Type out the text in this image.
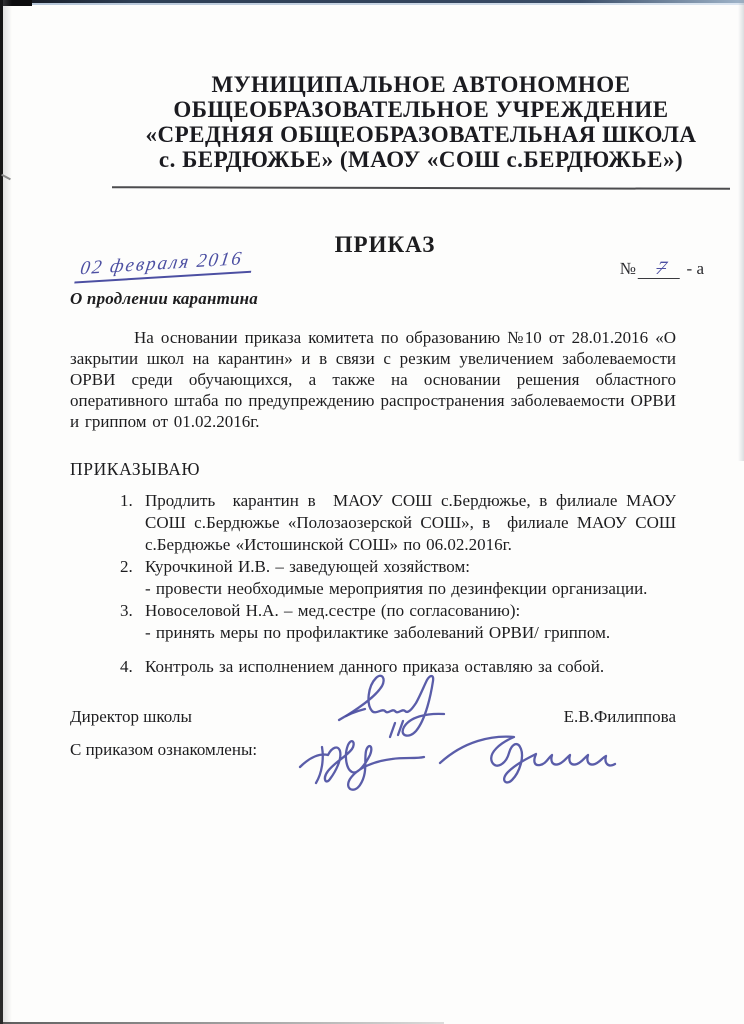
МУНИЦИПАЛЬНОЕ АВТОНОМНОЕ
ОБЩЕОБРАЗОВАТЕЛЬНОЕ УЧРЕЖДЕНИЕ
«СРЕДНЯЯ ОБЩЕОБРАЗОВАТЕЛЬНАЯ ШКОЛА
с. БЕРДЮЖЬЕ» (МАОУ «СОШ с.БЕРДЮЖЬЕ»)
ПРИКАЗ
02 февраля 2016	№ 7 - а
О продлении карантина

На основании приказа комитета по образованию №10 от 28.01.2016 «О закрытии школ на карантин» и в связи с резким увеличением заболеваемости ОРВИ среди обучающихся, а также на основании решения областного оперативного штаба по предупреждению распространения заболеваемости ОРВИ и гриппом от 01.02.2016г.

ПРИКАЗЫВАЮ
1. Продлить  карантин в  МАОУ СОШ с.Бердюжье, в филиале МАОУ СОШ с.Бердюжье «Полозаозерской СОШ», в  филиале МАОУ СОШ с.Бердюжье «Истошинской СОШ» по 06.02.2016г.
2. Курочкиной И.В. – заведующей хозяйством:
- провести необходимые мероприятия по дезинфекции организации.
3. Новоселовой Н.А. – мед.сестре (по согласованию):
- принять меры по профилактике заболеваний ОРВИ/ гриппом.
4. Контроль за исполнением данного приказа оставляю за собой.
Директор школы	Е.В.Филиппова
С приказом ознакомлены:
